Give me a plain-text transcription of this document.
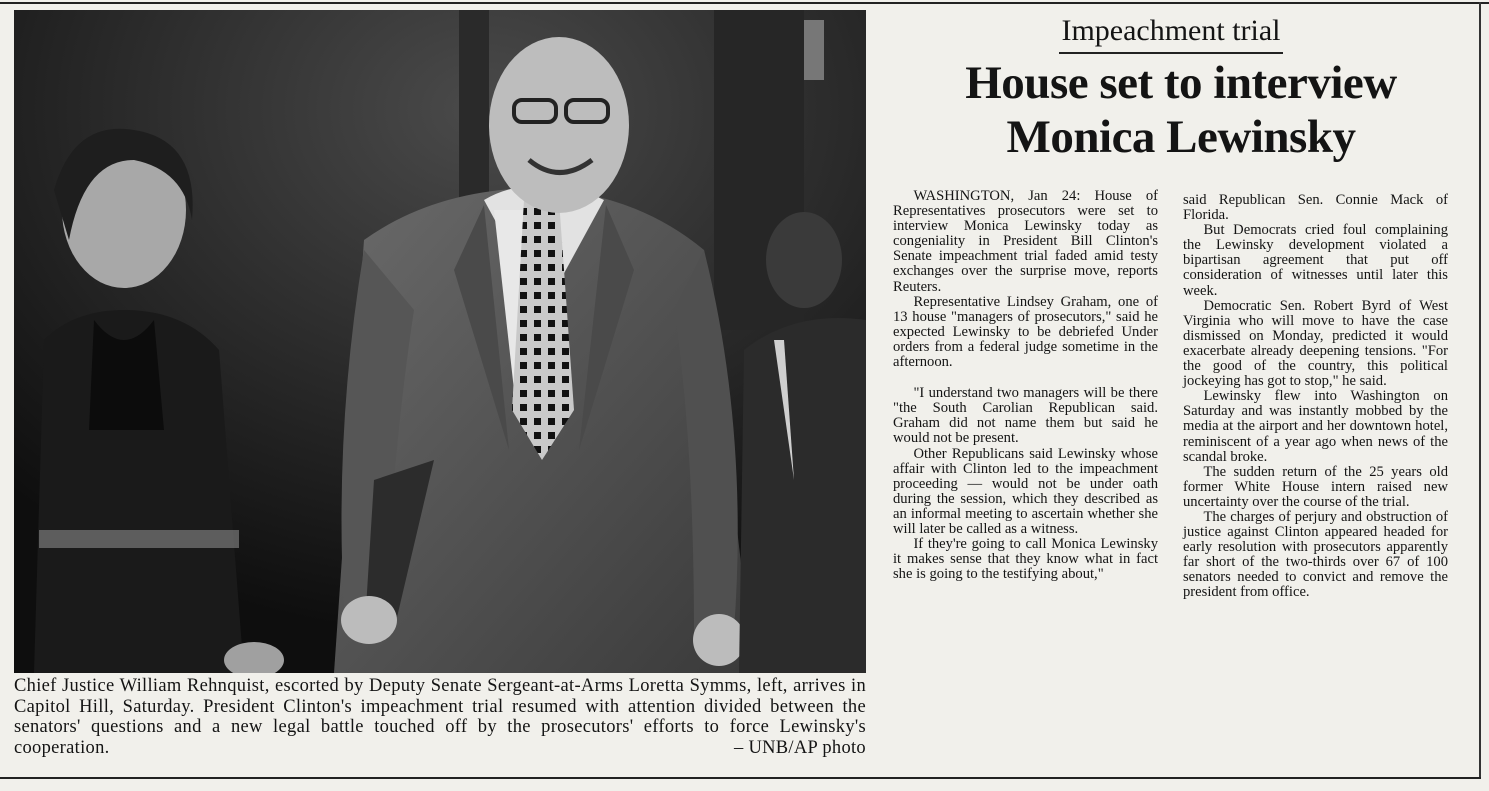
Chief Justice William Rehnquist, escorted by Deputy Senate Sergeant-at-Arms Loretta Symms, left, arrives in Capitol Hill, Saturday. President Clinton's impeachment trial resumed with attention divided between the senators' questions and a new legal battle touched off by the prosecutors' efforts to force Lewinsky's cooperation.	– UNB/AP photo
Impeachment trial
House set to interview
Monica Lewinsky

WASHINGTON, Jan 24: House of Representatives prosecutors were set to interview Monica Lewinsky today as congeniality in President Bill Clinton's Senate impeachment trial faded amid testy exchanges over the surprise move, reports Reuters.

Representative Lindsey Graham, one of 13 house "managers of prosecutors," said he expected Lewinsky to be debriefed Under orders from a federal judge sometime in the afternoon.

"I understand two managers will be there "the South Carolian Republican said. Graham did not name them but said he would not be present.

Other Republicans said Lewinsky whose affair with Clinton led to the impeachment proceeding — would not be under oath during the session, which they described as an informal meeting to ascertain whether she will later be called as a witness.

If they're going to call Monica Lewinsky it makes sense that they know what in fact she is going to the testifying about,"

said Republican Sen. Connie Mack of Florida.

But Democrats cried foul complaining the Lewinsky development violated a bipartisan agreement that put off consideration of witnesses until later this week.

Democratic Sen. Robert Byrd of West Virginia who will move to have the case dismissed on Monday, predicted it would exacerbate already deepening tensions. "For the good of the country, this political jockeying has got to stop," he said.

Lewinsky flew into Washington on Saturday and was instantly mobbed by the media at the airport and her downtown hotel, reminiscent of a year ago when news of the scandal broke.

The sudden return of the 25 years old former White House intern raised new uncertainty over the course of the trial.

The charges of perjury and obstruction of justice against Clinton appeared headed for early resolution with prosecutors apparently far short of the two-thirds over 67 of 100 senators needed to convict and remove the president from office.
